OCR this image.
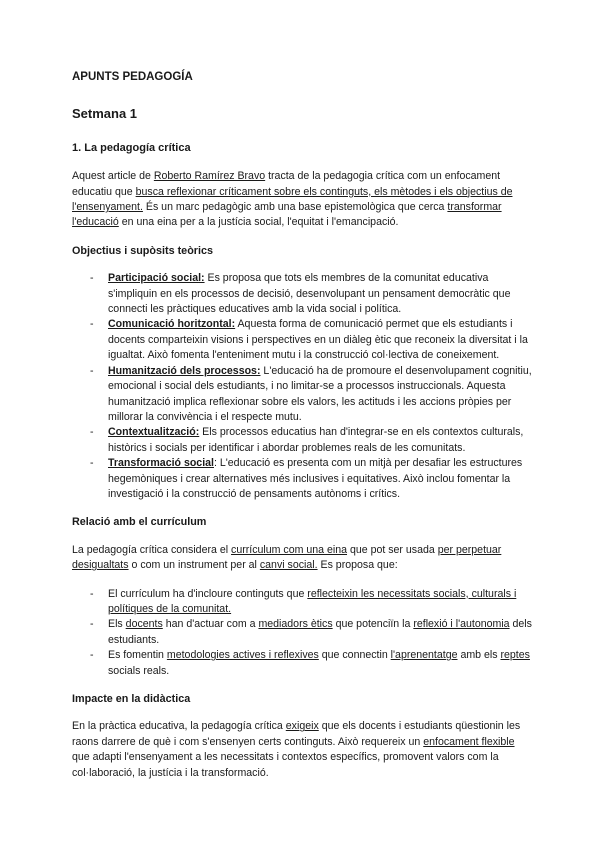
APUNTS PEDAGOGÍA
Setmana 1
1. La pedagogía crítica

Aquest article de Roberto Ramírez Bravo tracta de la pedagogia crítica com un enfocament educatiu que busca reflexionar críticament sobre els continguts, els mètodes i els objectius de l'ensenyament. És un marc pedagògic amb una base epistemològica que cerca transformar l'educació en una eina per a la justícia social, l'equitat i l'emancipació.

Objectius i supòsits teòrics
- Participació social: Es proposa que tots els membres de la comunitat educativa s'impliquin en els processos de decisió, desenvolupant un pensament democràtic que connecti les pràctiques educatives amb la vida social i política.
- Comunicació horitzontal: Aquesta forma de comunicació permet que els estudiants i docents comparteixin visions i perspectives en un diàleg ètic que reconeix la diversitat i la igualtat. Això fomenta l'enteniment mutu i la construcció col·lectiva de coneixement.
- Humanització dels processos: L'educació ha de promoure el desenvolupament cognitiu, emocional i social dels estudiants, i no limitar-se a processos instruccionals. Aquesta humanització implica reflexionar sobre els valors, les actituds i les accions pròpies per millorar la convivència i el respecte mutu.
- Contextualització: Els processos educatius han d'integrar-se en els contextos culturals, històrics i socials per identificar i abordar problemes reals de les comunitats.
- Transformació social: L'educació es presenta com un mitjà per desafiar les estructures hegemòniques i crear alternatives més inclusives i equitatives. Això inclou fomentar la investigació i la construcció de pensaments autònoms i crítics.
Relació amb el currículum

La pedagogía crítica considera el currículum com una eina que pot ser usada per perpetuar desigualtats o com un instrument per al canvi social. Es proposa que:

- El currículum ha d'incloure continguts que reflecteixin les necessitats socials, culturals i polítiques de la comunitat.
- Els docents han d'actuar com a mediadors ètics que potenciïn la reflexió i l'autonomia dels estudiants.
- Es fomentin metodologies actives i reflexives que connectin l'aprenentatge amb els reptes socials reals.
Impacte en la didàctica

En la pràctica educativa, la pedagogía crítica exigeix que els docents i estudiants qüestionin les raons darrere de què i com s'ensenyen certs continguts. Això requereix un enfocament flexible que adapti l'ensenyament a les necessitats i contextos específics, promovent valors com la col·laboració, la justícia i la transformació.
